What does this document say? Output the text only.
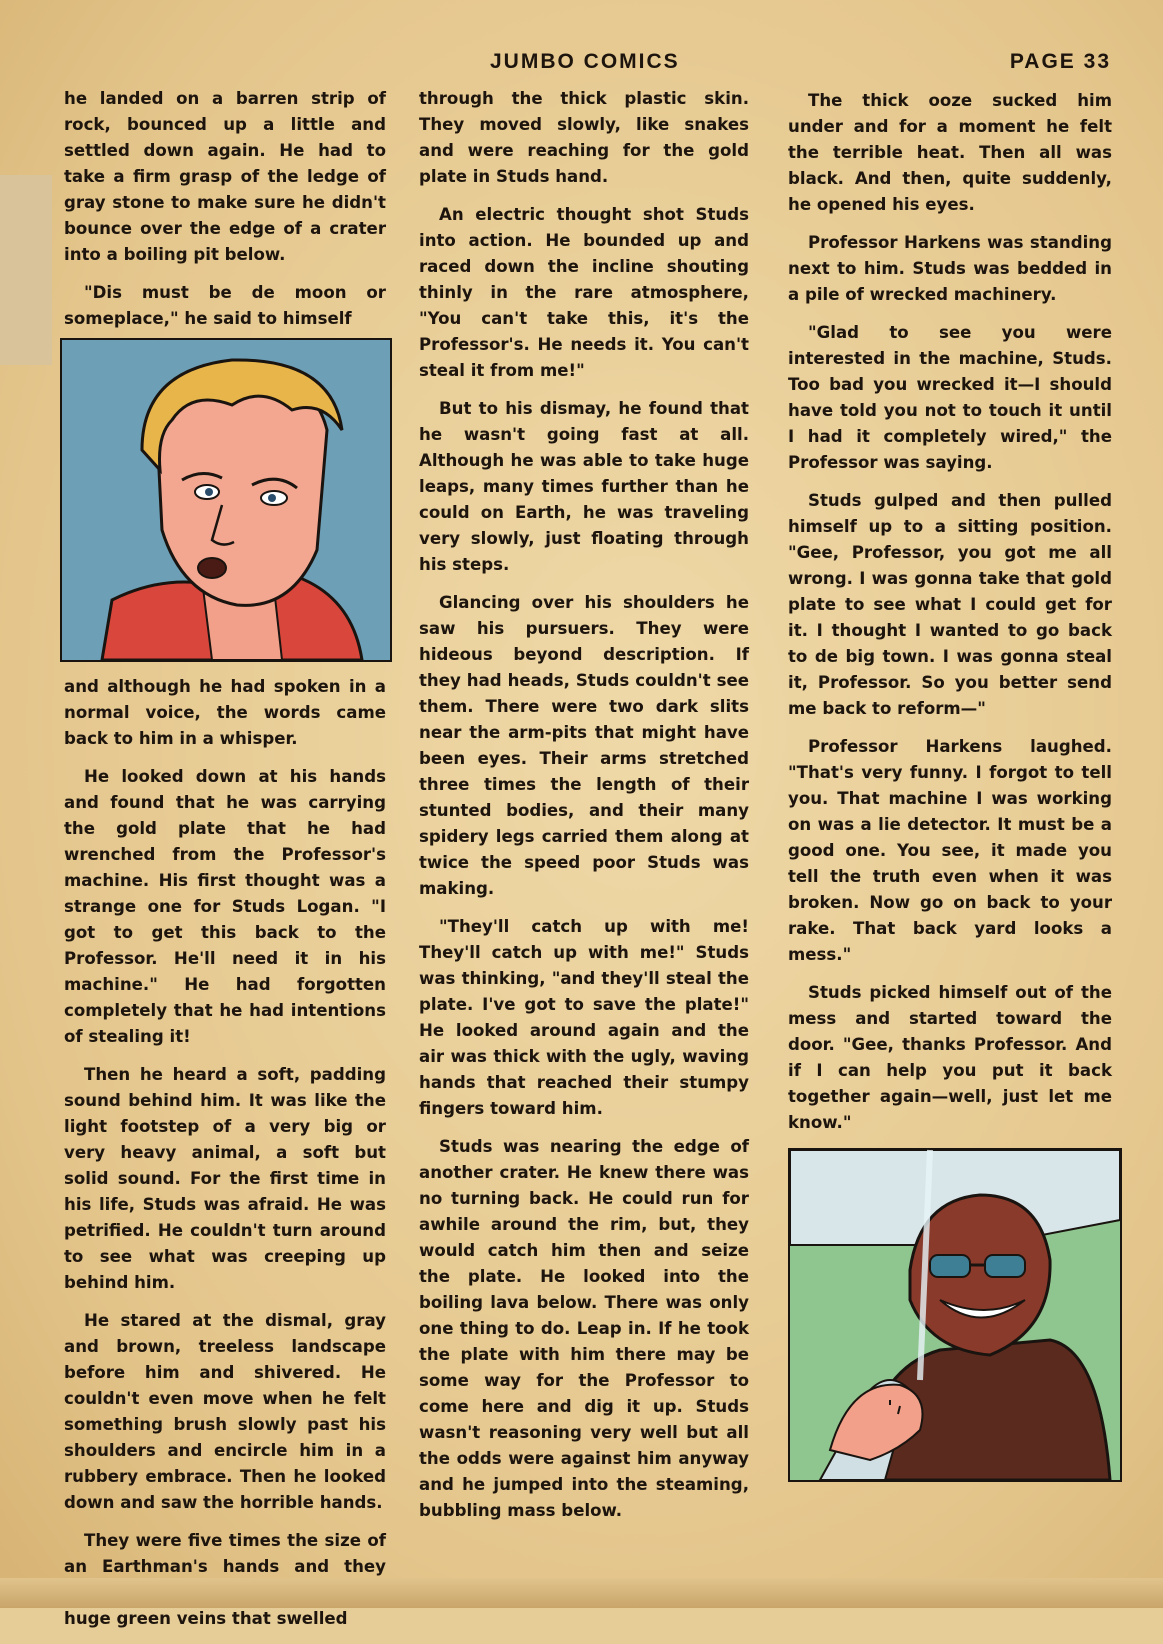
JUMBO COMICS	PAGE 33

he landed on a barren strip of rock, bounced up a little and settled down again. He had to take a firm grasp of the ledge of gray stone to make sure he didn't bounce over the edge of a crater into a boiling pit below.

"Dis must be de moon or someplace," he said to himself

and although he had spoken in a normal voice, the words came back to him in a whisper.

He looked down at his hands and found that he was carrying the gold plate that he had wrenched from the Professor's machine. His first thought was a strange one for Studs Logan. "I got to get this back to the Professor. He'll need it in his machine." He had forgotten completely that he had intentions of stealing it!

Then he heard a soft, padding sound behind him. It was like the light footstep of a very big or very heavy animal, a soft but solid sound. For the first time in his life, Studs was afraid. He was petrified. He couldn't turn around to see what was creeping up behind him.

He stared at the dismal, gray and brown, treeless landscape before him and shivered. He couldn't even move when he felt something brush slowly past his shoulders and encircle him in a rubbery embrace. Then he looked down and saw the horrible hands.

They were five times the size of an Earthman's hands and they huge green veins that swelled

through the thick plastic skin. They moved slowly, like snakes and were reaching for the gold plate in Studs hand.

An electric thought shot Studs into action. He bounded up and raced down the incline shouting thinly in the rare atmosphere, "You can't take this, it's the Professor's. He needs it. You can't steal it from me!"

But to his dismay, he found that he wasn't going fast at all. Although he was able to take huge leaps, many times further than he could on Earth, he was traveling very slowly, just floating through his steps.

Glancing over his shoulders he saw his pursuers. They were hideous beyond description. If they had heads, Studs couldn't see them. There were two dark slits near the arm-pits that might have been eyes. Their arms stretched three times the length of their stunted bodies, and their many spidery legs carried them along at twice the speed poor Studs was making.

"They'll catch up with me! They'll catch up with me!" Studs was thinking, "and they'll steal the plate. I've got to save the plate!" He looked around again and the air was thick with the ugly, waving hands that reached their stumpy fingers toward him.

Studs was nearing the edge of another crater. He knew there was no turning back. He could run for awhile around the rim, but, they would catch him then and seize the plate. He looked into the boiling lava below. There was only one thing to do. Leap in. If he took the plate with him there may be some way for the Professor to come here and dig it up. Studs wasn't reasoning very well but all the odds were against him anyway and he jumped into the steaming, bubbling mass below.

The thick ooze sucked him under and for a moment he felt the terrible heat. Then all was black. And then, quite suddenly, he opened his eyes.

Professor Harkens was standing next to him. Studs was bedded in a pile of wrecked machinery.

"Glad to see you were interested in the machine, Studs. Too bad you wrecked it—I should have told you not to touch it until I had it completely wired," the Professor was saying.

Studs gulped and then pulled himself up to a sitting position. "Gee, Professor, you got me all wrong. I was gonna take that gold plate to see what I could get for it. I thought I wanted to go back to de big town. I was gonna steal it, Professor. So you better send me back to reform—"

Professor Harkens laughed. "That's very funny. I forgot to tell you. That machine I was working on was a lie detector. It must be a good one. You see, it made you tell the truth even when it was broken. Now go on back to your rake. That back yard looks a mess."

Studs picked himself out of the mess and started toward the door. "Gee, thanks Professor. And if I can help you put it back together again—well, just let me know."
